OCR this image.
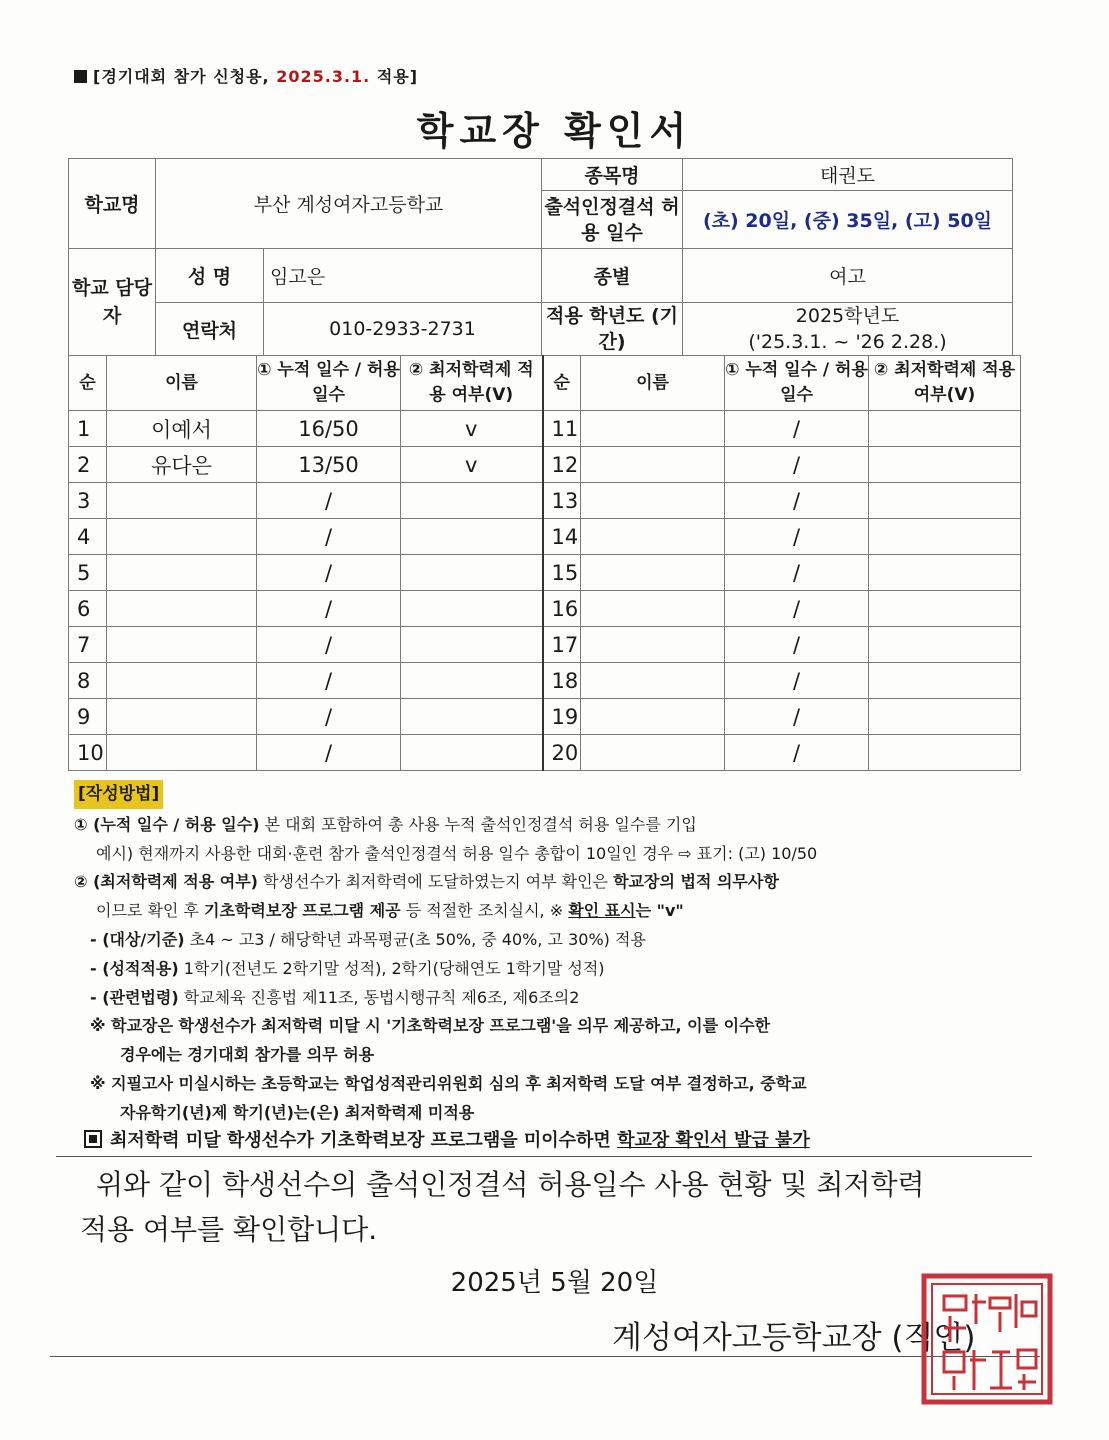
[경기대회 참가 신청용, 2025.3.1. 적용]
학교장 확인서
학교명	부산 계성여자고등학교		종목명	태권도
			출석인정결석 허용 일수	(초) 20일, (중) 35일, (고) 50일
학교 담당자	성 명	임고은	종별	여고
	연락처	010-2933-2731	적용 학년도 (기간)	2025학년도
('25.3.1. ~ '26 2.28.)
순	이름	① 누적 일수 / 허용 일수	② 최저학력제 적용 여부(V)	순	이름	① 누적 일수 / 허용 일수	② 최저학력제 적용 여부(V)
1	이예서	16/50	v	11		/	
2	유다은	13/50	v	12		/	
3		/		13		/	
4		/		14		/	
5		/		15		/	
6		/		16		/	
7		/		17		/	
8		/		18		/	
9		/		19		/	
10		/		20		/	
[작성방법]
① (누적 일수 / 허용 일수) 본 대회 포함하여 총 사용 누적 출석인정결석 허용 일수를 기입
예시) 현재까지 사용한 대회·훈련 참가 출석인정결석 허용 일수 총합이 10일인 경우 ⇨ 표기: (고) 10/50
② (최저학력제 적용 여부) 학생선수가 최저학력에 도달하였는지 여부 확인은 학교장의 법적 의무사항
이므로 확인 후 기초학력보장 프로그램 제공 등 적절한 조치실시, ※ 확인 표시는 "v"
- (대상/기준) 초4 ~ 고3 / 해당학년 과목평균(초 50%, 중 40%, 고 30%) 적용
- (성적적용) 1학기(전년도 2학기말 성적), 2학기(당해연도 1학기말 성적)
- (관련법령) 학교체육 진흥법 제11조, 동법시행규칙 제6조, 제6조의2
※ 학교장은 학생선수가 최저학력 미달 시 '기초학력보장 프로그램'을 의무 제공하고, 이를 이수한
경우에는 경기대회 참가를 의무 허용
※ 지필고사 미실시하는 초등학교는 학업성적관리위원회 심의 후 최저학력 도달 여부 결정하고, 중학교
자유학기(년)제 학기(년)는(은) 최저학력제 미적용
최저학력 미달 학생선수가 기초학력보장 프로그램을 미이수하면 학교장 확인서 발급 불가
위와 같이 학생선수의 출석인정결석 허용일수 사용 현황 및 최저학력
적용 여부를 확인합니다.
2025년 5월 20일
계성여자고등학교장 (직인)
